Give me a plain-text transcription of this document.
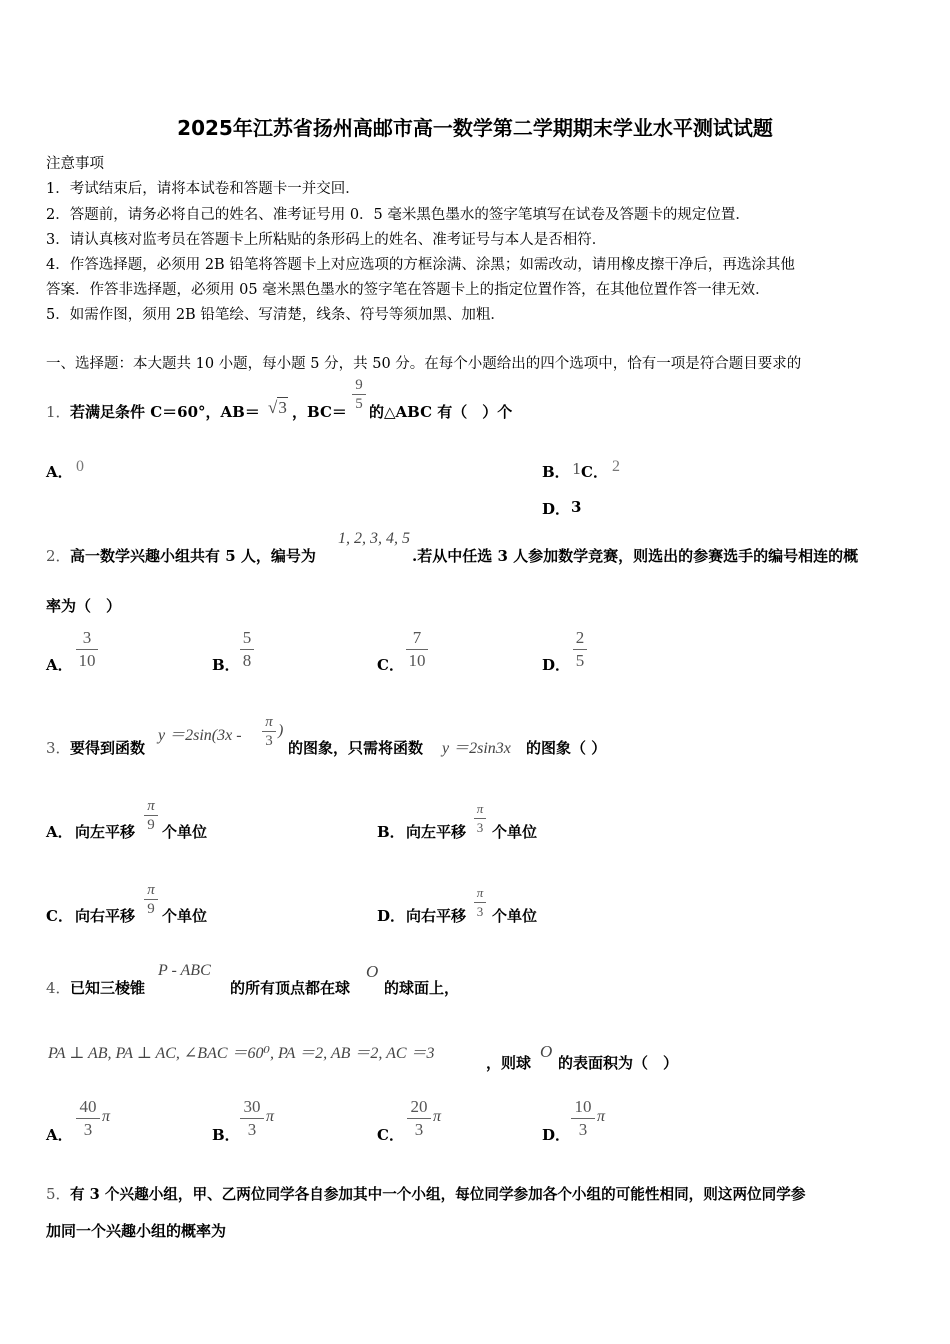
2025年江苏省扬州高邮市高一数学第二学期期末学业水平测试试题
注意事项
1．考试结束后，请将本试卷和答题卡一并交回．
2．答题前，请务必将自己的姓名、准考证号用 0．5 毫米黑色墨水的签字笔填写在试卷及答题卡的规定位置．
3．请认真核对监考员在答题卡上所粘贴的条形码上的姓名、准考证号与本人是否相符．
4．作答选择题，必须用 2B 铅笔将答题卡上对应选项的方框涂满、涂黑；如需改动，请用橡皮擦干净后，再选涂其他
答案．作答非选择题，必须用 05 毫米黑色墨水的签字笔在答题卡上的指定位置作答，在其他位置作答一律无效．
5．如需作图，须用 2B 铅笔绘、写清楚，线条、符号等须加黑、加粗．
一、选择题：本大题共 10 小题，每小题 5 分，共 50 分。在每个小题给出的四个选项中，恰有一项是符合题目要求的
1． 若满足条件 C＝60°，AB＝ √3 ，BC＝
9
5 的△ABC 有（　）个
A． 0	B． 1 C． 2
D． 3
2． 高一数学兴趣小组共有 5 人，编号为
1, 2, 3, 4, 5
.若从中任选 3 人参加数学竞赛，则选出的参赛选手的编号相连的概
率为（　）
A．
3
10	B．
5
8	C．
7
10	D．
2
5
3． 要得到函数
y ＝2sin(3x -
π
3
)
的图象，只需将函数 y ＝2sin3x 的图象（ ）
A． 向左平移
π
9 个单位	B． 向左平移
π
3 个单位
C． 向右平移
π
9 个单位	D． 向右平移
π
3 个单位
4． 已知三棱锥
P - ABC
的所有顶点都在球
O
的球面上，
PA ⊥ AB, PA ⊥ AC, ∠BAC ＝60⁰, PA ＝2, AB ＝2, AC ＝3
，则球
O
的表面积为（　）
A．
40
3
π
B．
30
3
π
C．
20
3
π
D．
10
3
π
5． 有 3 个兴趣小组，甲、乙两位同学各自参加其中一个小组，每位同学参加各个小组的可能性相同，则这两位同学参
加同一个兴趣小组的概率为
